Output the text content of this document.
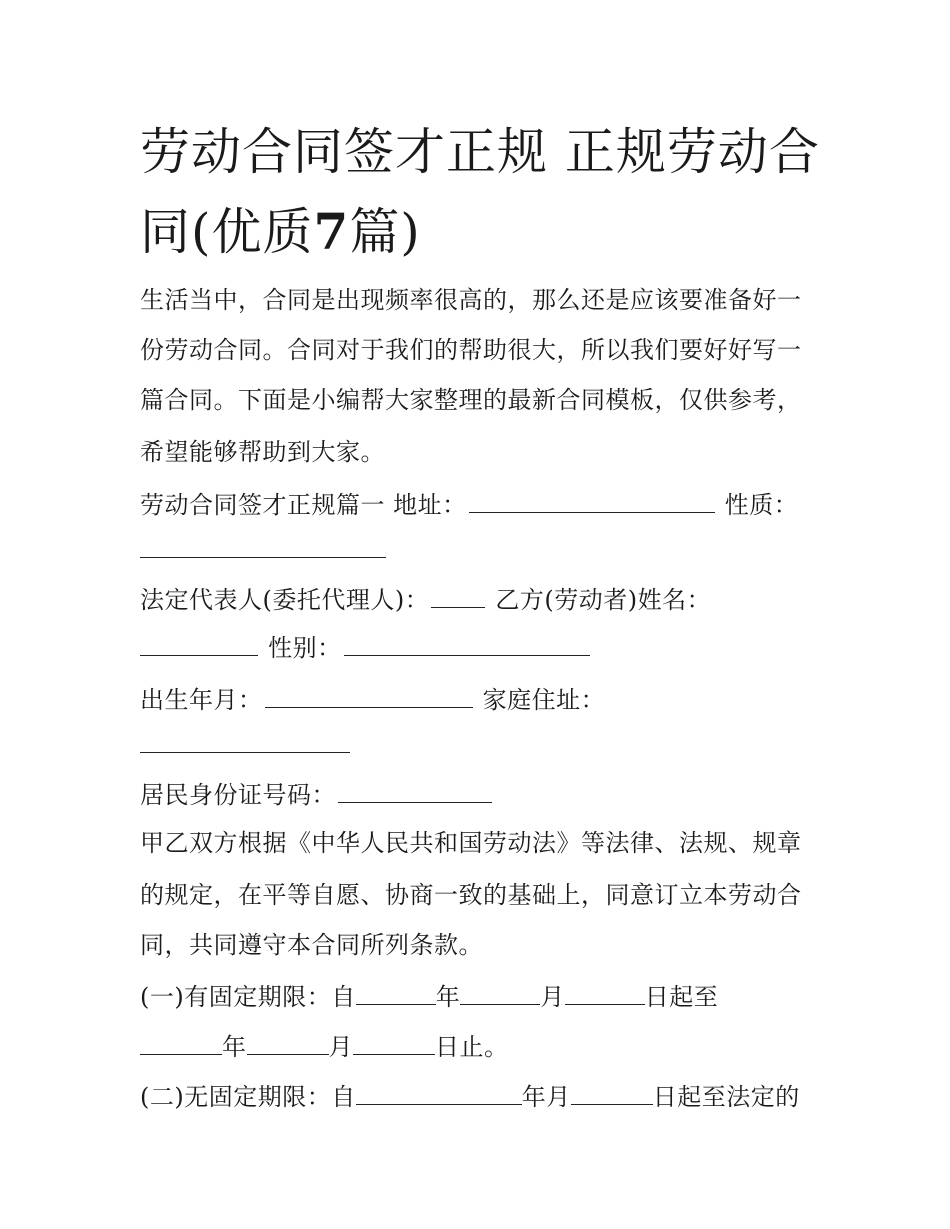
劳动合同签才正规 正规劳动合
同(优质7篇)
生活当中，合同是出现频率很高的，那么还是应该要准备好一
份劳动合同。合同对于我们的帮助很大，所以我们要好好写一
篇合同。下面是小编帮大家整理的最新合同模板，仅供参考，
希望能够帮助到大家。
劳动合同签才正规篇一 地址：	性质：
法定代表人(委托代理人)：	乙方(劳动者)姓名：
性别：
出生年月：	家庭住址：
居民身份证号码：
甲乙双方根据《中华人民共和国劳动法》等法律、法规、规章
的规定，在平等自愿、协商一致的基础上，同意订立本劳动合
同，共同遵守本合同所列条款。
(一)有固定期限：自	年	月	日起至
年	月	日止。
(二)无固定期限：自	年月	日起至法定的
